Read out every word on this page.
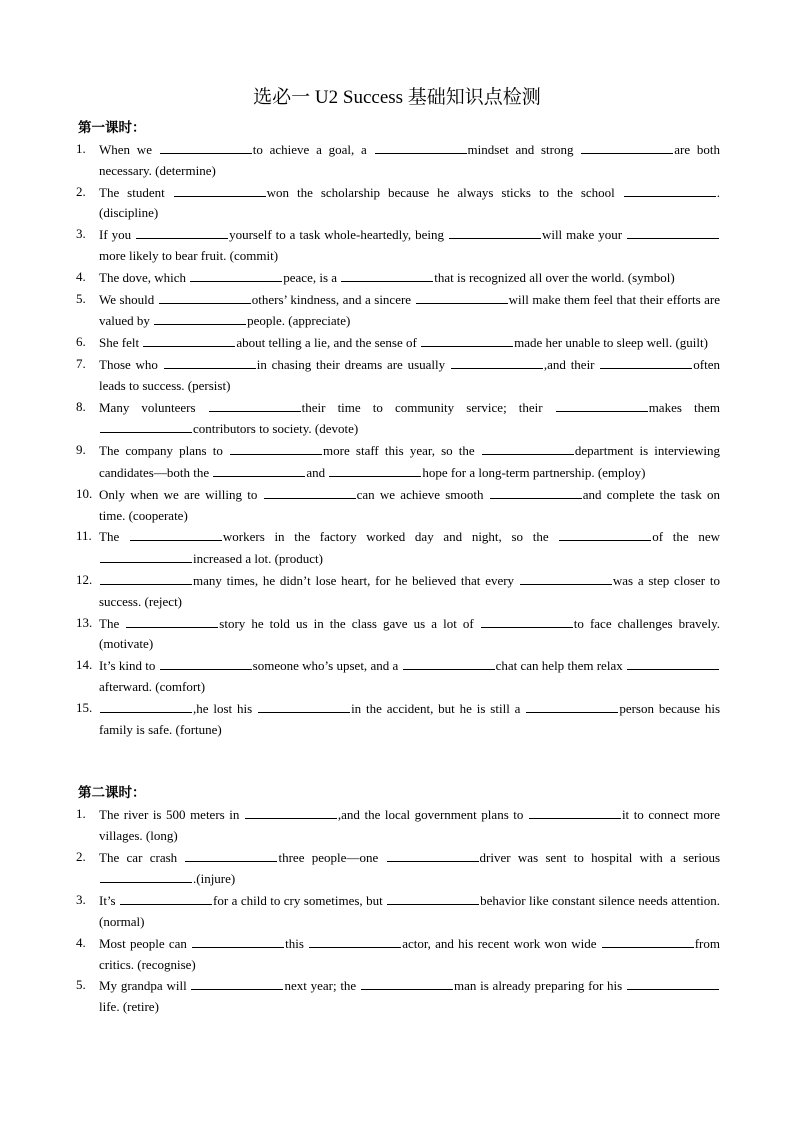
选必一 U2 Success 基础知识点检测
第一课时：
1. When we	to achieve a goal, a	mindset and strong	are both necessary. (determine)
2. The student	won the scholarship because he always sticks to the school	. (discipline)
3. If you	yourself to a task whole-heartedly, being	will make your more likely to bear fruit. (commit)
4. The dove, which	peace, is a	that is recognized all over the world. (symbol)
5. We should	others’ kindness, and a sincere	will make them feel that their efforts are valued by	people. (appreciate)
6. She felt	about telling a lie, and the sense of	made her unable to sleep well. (guilt)
7. Those who	in chasing their dreams are usually	,and their	often leads to success. (persist)
8. Many volunteers	their time to community service; their	makes them contributors to society. (devote)
9. The company plans to	more staff this year, so the	department is interviewing candidates—both the	and	hope for a long-term partnership. (employ)
10. Only when we are willing to	can we achieve smooth	and complete the task on time. (cooperate)
11. The	workers in the factory worked day and night, so the	of the new increased a lot. (product)
12.	many times, he didn’t lose heart, for he believed that every	was a step closer to success. (reject)
13. The	story he told us in the class gave us a lot of	to face challenges bravely. (motivate)
14. It’s kind to	someone who’s upset, and a	chat can help them relax afterward. (comfort)
15.	,he lost his	in the accident, but he is still a	person because his family is safe. (fortune)
第二课时：
1. The river is 500 meters in	,and the local government plans to	it to connect more villages. (long)
2. The car crash	three people—one	driver was sent to hospital with a serious .(injure)
3. It’s	for a child to cry sometimes, but	behavior like constant silence needs attention. (normal)
4. Most people can	this	actor, and his recent work won wide	from critics. (recognise)
5. My grandpa will	next year; the	man is already preparing for his life. (retire)
